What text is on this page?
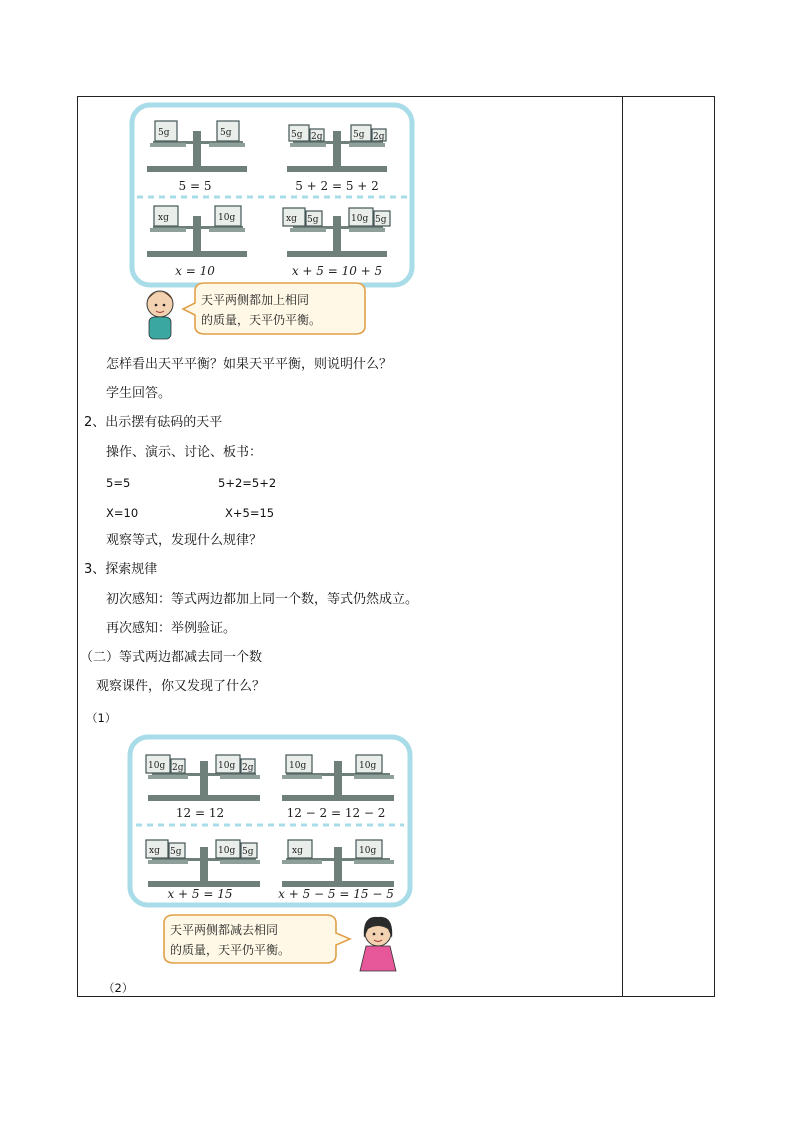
5g	5g	5g 2g	5g 2g
5 = 5	5 + 2 = 5 + 2
xg	10g	xg 5g	10g 5g
x = 10	x + 5 = 10 + 5
天平两侧都加上相同
的质量，天平仍平衡。
怎样看出天平平衡？如果天平平衡，则说明什么？
学生回答。
2、出示摆有砝码的天平
操作、演示、讨论、板书：
5=5	5+2=5+2
X=10	X+5=15
观察等式，发现什么规律？
3、探索规律
初次感知：等式两边都加上同一个数，等式仍然成立。
再次感知：举例验证。
（二）等式两边都减去同一个数
观察课件，你又发现了什么？
（1）
10g 2g	10g 2g	10g	10g
12 = 12	12 − 2 = 12 − 2
xg 5g	10g 5g	xg	10g
x + 5 = 15	x + 5 − 5 = 15 − 5
天平两侧都减去相同
的质量，天平仍平衡。
（2）
